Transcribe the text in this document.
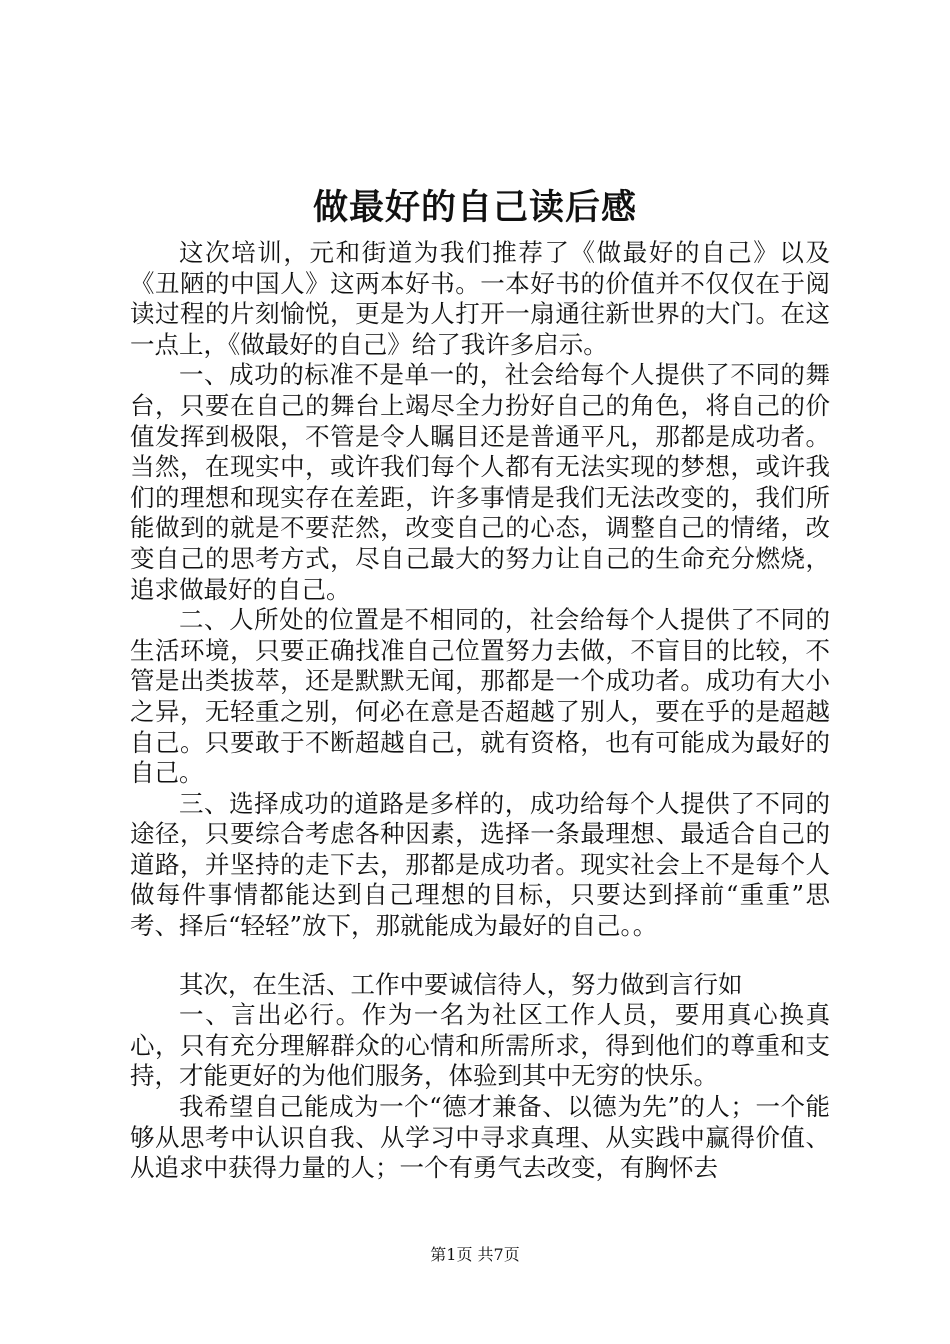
做最好的自己读后感

这次培训，元和街道为我们推荐了《做最好的自己》以及《丑陋的中国人》这两本好书。一本好书的价值并不仅仅在于阅读过程的片刻愉悦，更是为人打开一扇通往新世界的大门。在这一点上，《做最好的自己》给了我许多启示。

一、成功的标准不是单一的，社会给每个人提供了不同的舞台，只要在自己的舞台上竭尽全力扮好自己的角色，将自己的价值发挥到极限，不管是令人瞩目还是普通平凡，那都是成功者。当然，在现实中，或许我们每个人都有无法实现的梦想，或许我们的理想和现实存在差距，许多事情是我们无法改变的，我们所能做到的就是不要茫然，改变自己的心态，调整自己的情绪，改变自己的思考方式，尽自己最大的努力让自己的生命充分燃烧，追求做最好的自己。

二、人所处的位置是不相同的，社会给每个人提供了不同的生活环境，只要正确找准自己位置努力去做，不盲目的比较，不管是出类拔萃，还是默默无闻，那都是一个成功者。成功有大小之异，无轻重之别，何必在意是否超越了别人，要在乎的是超越自己。只要敢于不断超越自己，就有资格，也有可能成为最好的自己。

三、选择成功的道路是多样的，成功给每个人提供了不同的途径，只要综合考虑各种因素，选择一条最理想、最适合自己的道路，并坚持的走下去，那都是成功者。现实社会上不是每个人做每件事情都能达到自己理想的目标，只要达到择前“重重”思考、择后“轻轻”放下，那就能成为最好的自己。。

其次，在生活、工作中要诚信待人，努力做到言行如

一、言出必行。作为一名为社区工作人员，要用真心换真心，只有充分理解群众的心情和所需所求，得到他们的尊重和支持，才能更好的为他们服务，体验到其中无穷的快乐。

我希望自己能成为一个“德才兼备、以德为先”的人；一个能够从思考中认识自我、从学习中寻求真理、从实践中赢得价值、从追求中获得力量的人；一个有勇气去改变，有胸怀去

第1页 共7页
